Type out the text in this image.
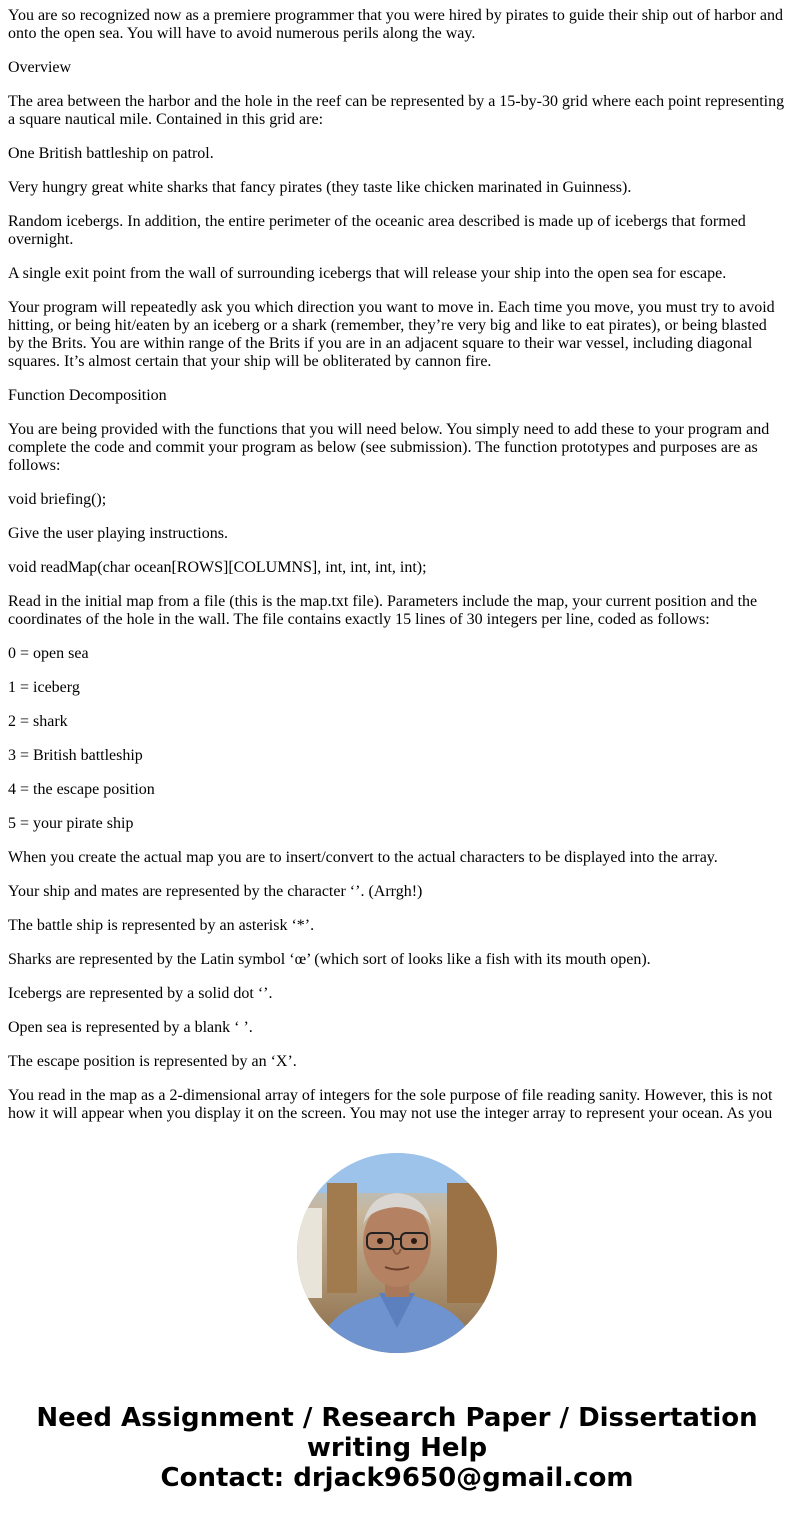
You are so recognized now as a premiere programmer that you were hired by pirates to guide their ship out of harbor and onto the open sea. You will have to avoid numerous perils along the way.

Overview

The area between the harbor and the hole in the reef can be represented by a 15-by-30 grid where each point representing a square nautical mile. Contained in this grid are:

One British battleship on patrol.

Very hungry great white sharks that fancy pirates (they taste like chicken marinated in Guinness).

Random icebergs. In addition, the entire perimeter of the oceanic area described is made up of icebergs that formed overnight.

A single exit point from the wall of surrounding icebergs that will release your ship into the open sea for escape.

Your program will repeatedly ask you which direction you want to move in. Each time you move, you must try to avoid hitting, or being hit/eaten by an iceberg or a shark (remember, they’re very big and like to eat pirates), or being blasted by the Brits. You are within range of the Brits if you are in an adjacent square to their war vessel, including diagonal squares. It’s almost certain that your ship will be obliterated by cannon fire.

Function Decomposition

You are being provided with the functions that you will need below. You simply need to add these to your program and complete the code and commit your program as below (see submission). The function prototypes and purposes are as follows:

void briefing();

Give the user playing instructions.

void readMap(char ocean[ROWS][COLUMNS], int, int, int, int);

Read in the initial map from a file (this is the map.txt file). Parameters include the map, your current position and the coordinates of the hole in the wall. The file contains exactly 15 lines of 30 integers per line, coded as follows:

0 = open sea

1 = iceberg

2 = shark

3 = British battleship

4 = the escape position

5 = your pirate ship

When you create the actual map you are to insert/convert to the actual characters to be displayed into the array.

Your ship and mates are represented by the character ‘’. (Arrgh!)

The battle ship is represented by an asterisk ‘*’.

Sharks are represented by the Latin symbol ‘œ’ (which sort of looks like a fish with its mouth open).

Icebergs are represented by a solid dot ‘’.

Open sea is represented by a blank ‘ ’.

The escape position is represented by an ‘X’.

You read in the map as a 2-dimensional array of integers for the sole purpose of file reading sanity. However, this is not how it will appear when you display it on the screen. You may not use the integer array to represent your ocean. As you

Need Assignment / Research Paper / Dissertation
writing Help
Contact: drjack9650@gmail.com
